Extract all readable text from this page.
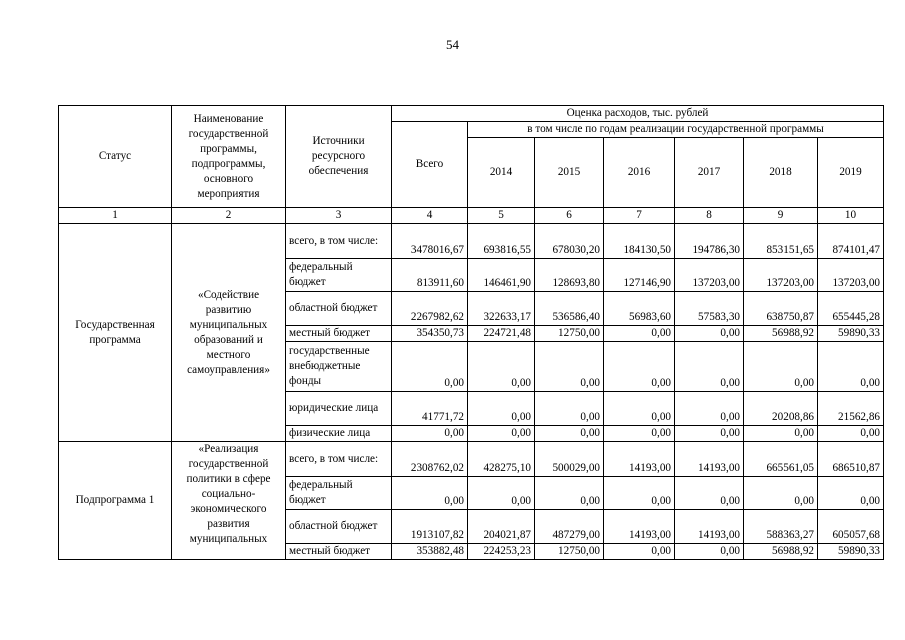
54
Статус	Наименование государственной программы, подпрограммы, основного мероприятия	Источники ресурсного обеспечения	Оценка расходов, тыс. рублей						
			Всего	в том числе по годам реализации государственной программы					
				2014	2015	2016	2017	2018	2019
1	2	3	4	5	6	7	8	9	10
Государственная программа	«Содействие развитию муниципальных образований и местного самоуправления»	всего, в том числе:	3478016,67	693816,55	678030,20	184130,50	194786,30	853151,65	874101,47
		федеральный бюджет	813911,60	146461,90	128693,80	127146,90	137203,00	137203,00	137203,00
		областной бюджет	2267982,62	322633,17	536586,40	56983,60	57583,30	638750,87	655445,28
		местный бюджет	354350,73	224721,48	12750,00	0,00	0,00	56988,92	59890,33
		государственные внебюджетные фонды	0,00	0,00	0,00	0,00	0,00	0,00	0,00
		юридические лица	41771,72	0,00	0,00	0,00	0,00	20208,86	21562,86
		физические лица	0,00	0,00	0,00	0,00	0,00	0,00	0,00
Подпрограмма 1	«Реализация государственной политики в сфере социально-экономического развития муниципальных	всего, в том числе:	2308762,02	428275,10	500029,00	14193,00	14193,00	665561,05	686510,87
		федеральный бюджет	0,00	0,00	0,00	0,00	0,00	0,00	0,00
		областной бюджет	1913107,82	204021,87	487279,00	14193,00	14193,00	588363,27	605057,68
		местный бюджет	353882,48	224253,23	12750,00	0,00	0,00	56988,92	59890,33
